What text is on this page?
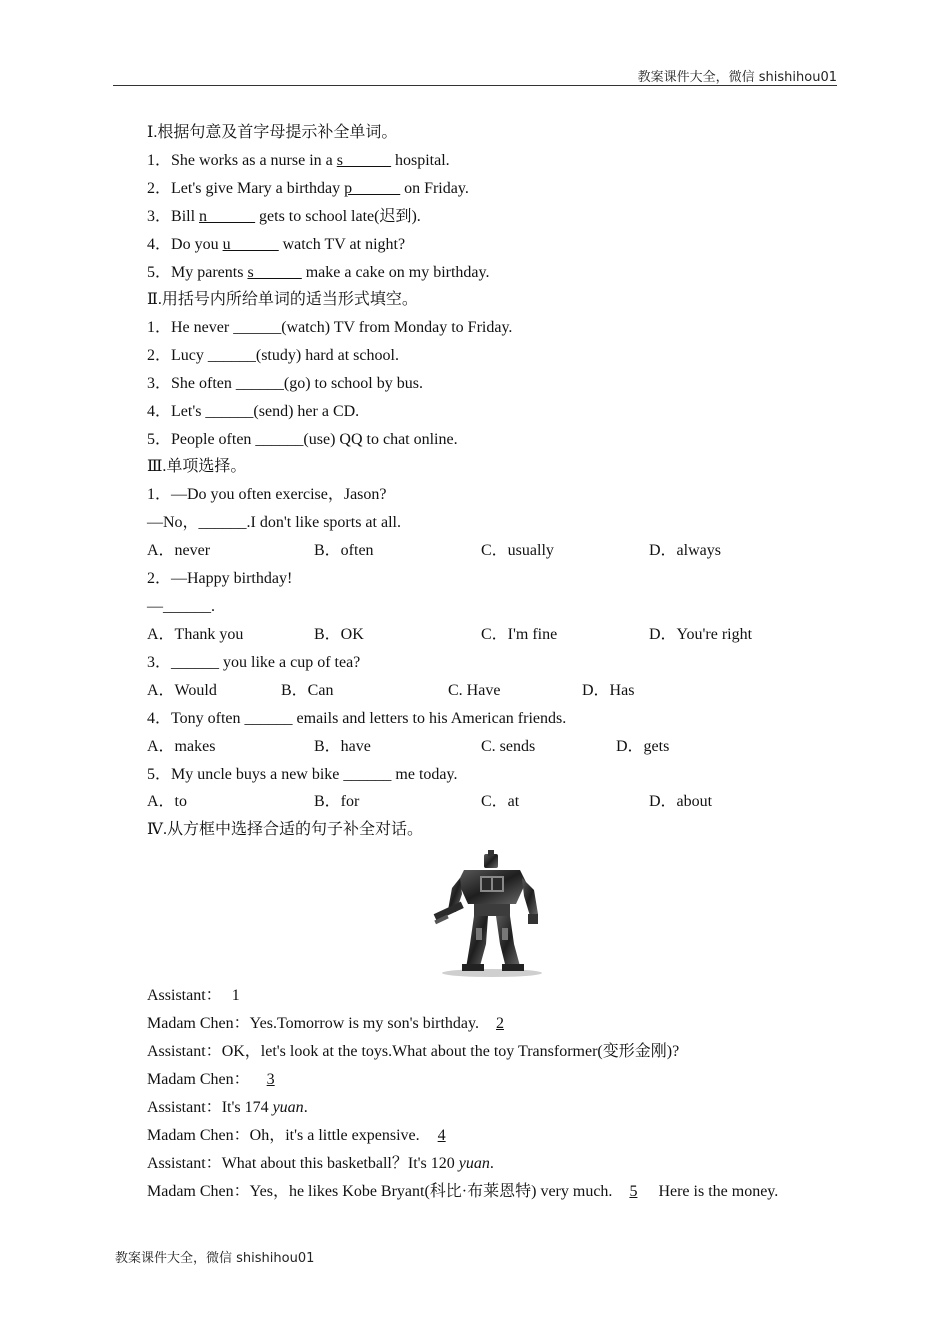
教案课件大全，微信 shishihou01
Ⅰ.根据句意及首字母提示补全单词。
1．She works as a nurse in a s______ hospital.
2．Let's give Mary a birthday p______ on Friday.
3．Bill n______ gets to school late(迟到).
4．Do you u______ watch TV at night?
5．My parents s______ make a cake on my birthday.
Ⅱ.用括号内所给单词的适当形式填空。
1．He never ______(watch) TV from Monday to Friday.
2．Lucy ______(study) hard at school.
3．She often ______(go) to school by bus.
4．Let's ______(send) her a CD.
5．People often ______(use) QQ to chat online.
Ⅲ.单项选择。
1．—Do you often exercise，Jason?
—No，______.I don't like sports at all.
A．never	B．often	C．usually	D．always
2．—Happy birthday!
—______.
A．Thank you	B．OK	C．I'm fine	D．You're right
3．______ you like a cup of tea?
A．Would	B．Can	C. Have	D．Has
4．Tony often ______ emails and letters to his American friends.
A．makes	B．have	C. sends	D．gets
5．My uncle buys a new bike ______ me today.
A．to	B．for	C．at	D．about
Ⅳ.从方框中选择合适的句子补全对话。
Assistant： 1
Madam Chen：Yes.Tomorrow is my son's birthday. 2
Assistant：OK，let's look at the toys.What about the toy Transformer(变形金刚)?
Madam Chen： 3
Assistant：It's 174 yuan.
Madam Chen：Oh，it's a little expensive. 4
Assistant：What about this basketball？It's 120 yuan.
Madam Chen：Yes，he likes Kobe Bryant(科比·布莱恩特) very much. 5 Here is the money.
教案课件大全，微信 shishihou01
